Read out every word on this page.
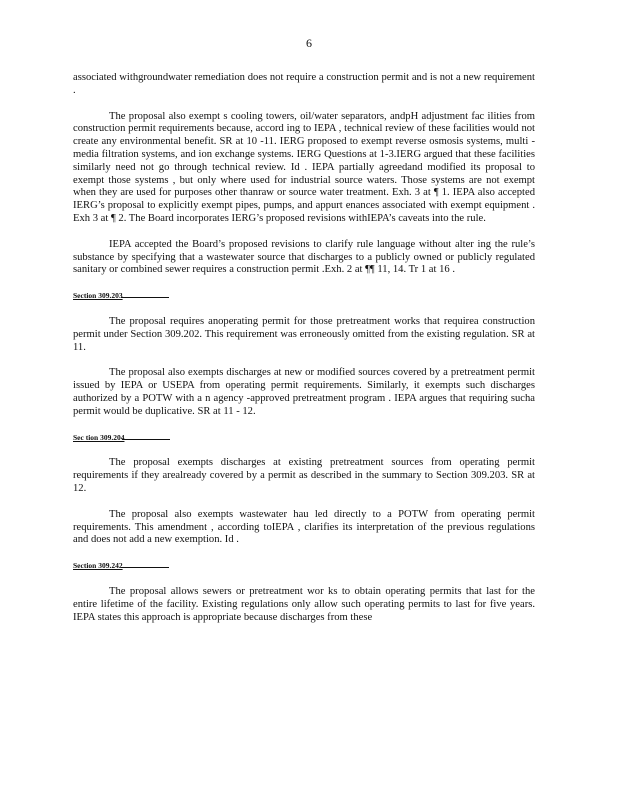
6

associated withgroundwater remediation does not require a construction permit and is not a new requirement .

The proposal also exempt s cooling towers, oil/water separators, andpH adjustment fac ilities from construction permit requirements because, accord ing to IEPA , technical review of these facilities would not create any environmental benefit. SR at 10 -11. IERG proposed to exempt reverse osmosis systems, multi -media filtration systems, and ion exchange systems. IERG Questions at 1-3.IERG argued that these facilities similarly need not go through technical review. Id . IEPA partially agreedand modified its proposal to exempt those systems , but only where used for industrial source waters. Those systems are not exempt when they are used for purposes other thanraw or source water treatment. Exh. 3 at ¶ 1. IEPA also accepted IERG’s proposal to explicitly exempt pipes, pumps, and appurt enances associated with exempt equipment . Exh 3 at ¶ 2. The Board incorporates IERG’s proposed revisions withIEPA’s caveats into the rule.

IEPA accepted the Board’s proposed revisions to clarify rule language without alter ing the rule’s substance by specifying that a wastewater source that discharges to a publicly owned or publicly regulated sanitary or combined sewer requires a construction permit .Exh. 2 at ¶¶ 11, 14. Tr 1 at 16 .

Section 309.203

The proposal requires anoperating permit for those pretreatment works that requirea construction permit under Section 309.202. This requirement was erroneously omitted from the existing regulation. SR at 11.

The proposal also exempts discharges at new or modified sources covered by a pretreatment permit issued by IEPA or USEPA from operating permit requirements. Similarly, it exempts such discharges authorized by a POTW with a n agency -approved pretreatment program . IEPA argues that requiring sucha permit would be duplicative. SR at 11 - 12.

Sec tion 309.204

The proposal exempts discharges at existing pretreatment sources from operating permit requirements if they arealready covered by a permit as described in the summary to Section 309.203. SR at 12.

The proposal also exempts wastewater hau led directly to a POTW from operating permit requirements. This amendment , according toIEPA , clarifies its interpretation of the previous regulations and does not add a new exemption. Id .

Section 309.242

The proposal allows sewers or pretreatment wor ks to obtain operating permits that last for the entire lifetime of the facility. Existing regulations only allow such operating permits to last for five years. IEPA states this approach is appropriate because discharges from these
